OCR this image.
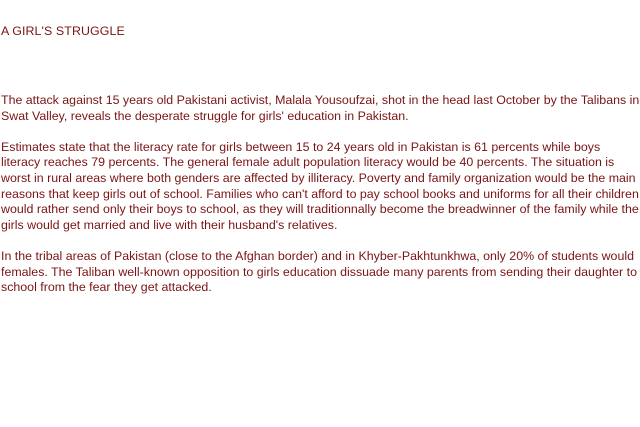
A GIRL'S STRUGGLE

The attack against 15 years old Pakistani activist, Malala Yousoufzai, shot in the head last October by the Talibans in Swat Valley, reveals the desperate struggle for girls' education in Pakistan.

Estimates state that the literacy rate for girls between 15 to 24 years old in Pakistan is 61 percents while boys literacy reaches 79 percents. The general female adult population literacy would be 40 percents. The situation is worst in rural areas where both genders are affected by illiteracy. Poverty and family organization would be the main reasons that keep girls out of school. Families who can't afford to pay school books and uniforms for all their children would rather send only their boys to school, as they will traditionnally become the breadwinner of the family while the girls would get married and live with their husband's relatives.

In the tribal areas of Pakistan (close to the Afghan border) and in Khyber-Pakhtunkhwa, only 20% of students would females. The Taliban well-known opposition to girls education dissuade many parents from sending their daughter to school from the fear they get attacked.
